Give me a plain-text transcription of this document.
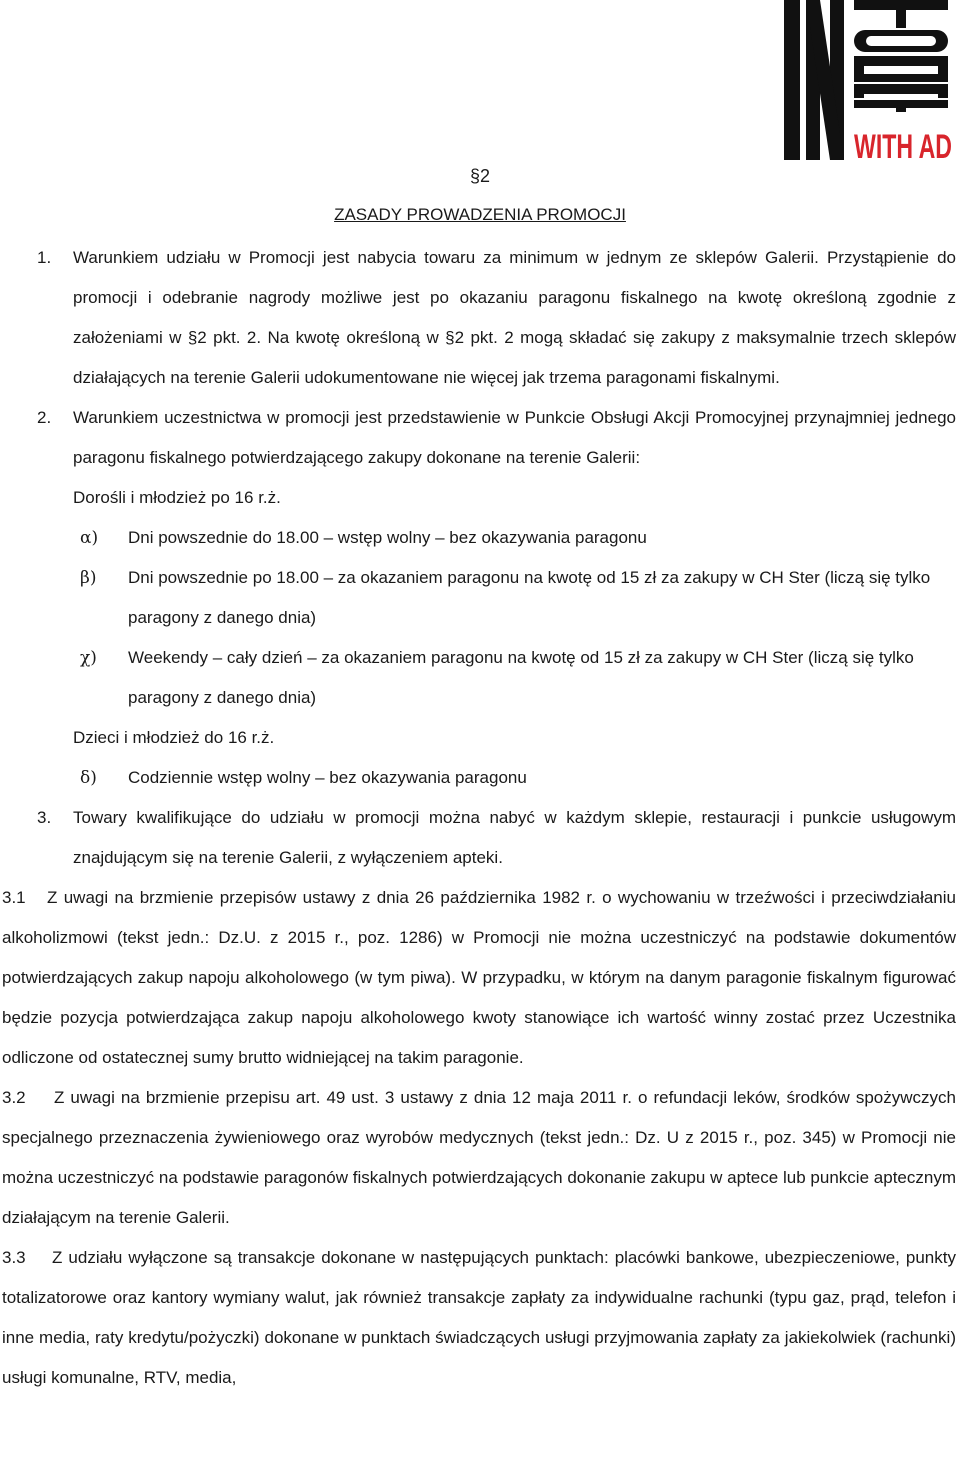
WITH AD
§2
ZASADY PROWADZENIA PROMOCJI
1. Warunkiem udziału w Promocji jest nabycia towaru za minimum w jednym ze sklepów Galerii. Przystąpienie do promocji i odebranie nagrody możliwe jest po okazaniu paragonu fiskalnego na kwotę określoną zgodnie z założeniami w §2 pkt. 2. Na kwotę określoną w §2 pkt. 2 mogą składać się zakupy z maksymalnie trzech sklepów działających na terenie Galerii udokumentowane nie więcej jak trzema paragonami fiskalnymi.
2. Warunkiem uczestnictwa w promocji jest przedstawienie w Punkcie Obsługi Akcji Promocyjnej przynajmniej jednego paragonu fiskalnego potwierdzającego zakupy dokonane na terenie Galerii:
Dorośli i młodzież po 16 r.ż.
α) Dni powszednie do 18.00 – wstęp wolny – bez okazywania paragonu
β) Dni powszednie po 18.00 – za okazaniem paragonu na kwotę od 15 zł za zakupy w CH Ster (liczą się tylko paragony z danego dnia)
χ) Weekendy – cały dzień – za okazaniem paragonu na kwotę od 15 zł za zakupy w CH Ster (liczą się tylko paragony z danego dnia)
Dzieci i młodzież do 16 r.ż.
δ) Codziennie wstęp wolny – bez okazywania paragonu
3. Towary kwalifikujące do udziału w promocji można nabyć w każdym sklepie, restauracji i punkcie usługowym znajdującym się na terenie Galerii, z wyłączeniem apteki.
3.1 Z uwagi na brzmienie przepisów ustawy z dnia 26 października 1982 r. o wychowaniu w trzeźwości i przeciwdziałaniu alkoholizmowi (tekst jedn.: Dz.U. z 2015 r., poz. 1286) w Promocji nie można uczestniczyć na podstawie dokumentów potwierdzających zakup napoju alkoholowego (w tym piwa). W przypadku, w którym na danym paragonie fiskalnym figurować będzie pozycja potwierdzająca zakup napoju alkoholowego kwoty stanowiące ich wartość winny zostać przez Uczestnika odliczone od ostatecznej sumy brutto widniejącej na takim paragonie.
3.2 Z uwagi na brzmienie przepisu art. 49 ust. 3 ustawy z dnia 12 maja 2011 r. o refundacji leków, środków spożywczych specjalnego przeznaczenia żywieniowego oraz wyrobów medycznych (tekst jedn.: Dz. U z 2015 r., poz. 345) w Promocji nie można uczestniczyć na podstawie paragonów fiskalnych potwierdzających dokonanie zakupu w aptece lub punkcie aptecznym działającym na terenie Galerii.
3.3 Z udziału wyłączone są transakcje dokonane w następujących punktach: placówki bankowe, ubezpieczeniowe, punkty totalizatorowe oraz kantory wymiany walut, jak również transakcje zapłaty za indywidualne rachunki (typu gaz, prąd, telefon i inne media, raty kredytu/pożyczki) dokonane w punktach świadczących usługi przyjmowania zapłaty za jakiekolwiek (rachunki) usługi komunalne, RTV, media,
